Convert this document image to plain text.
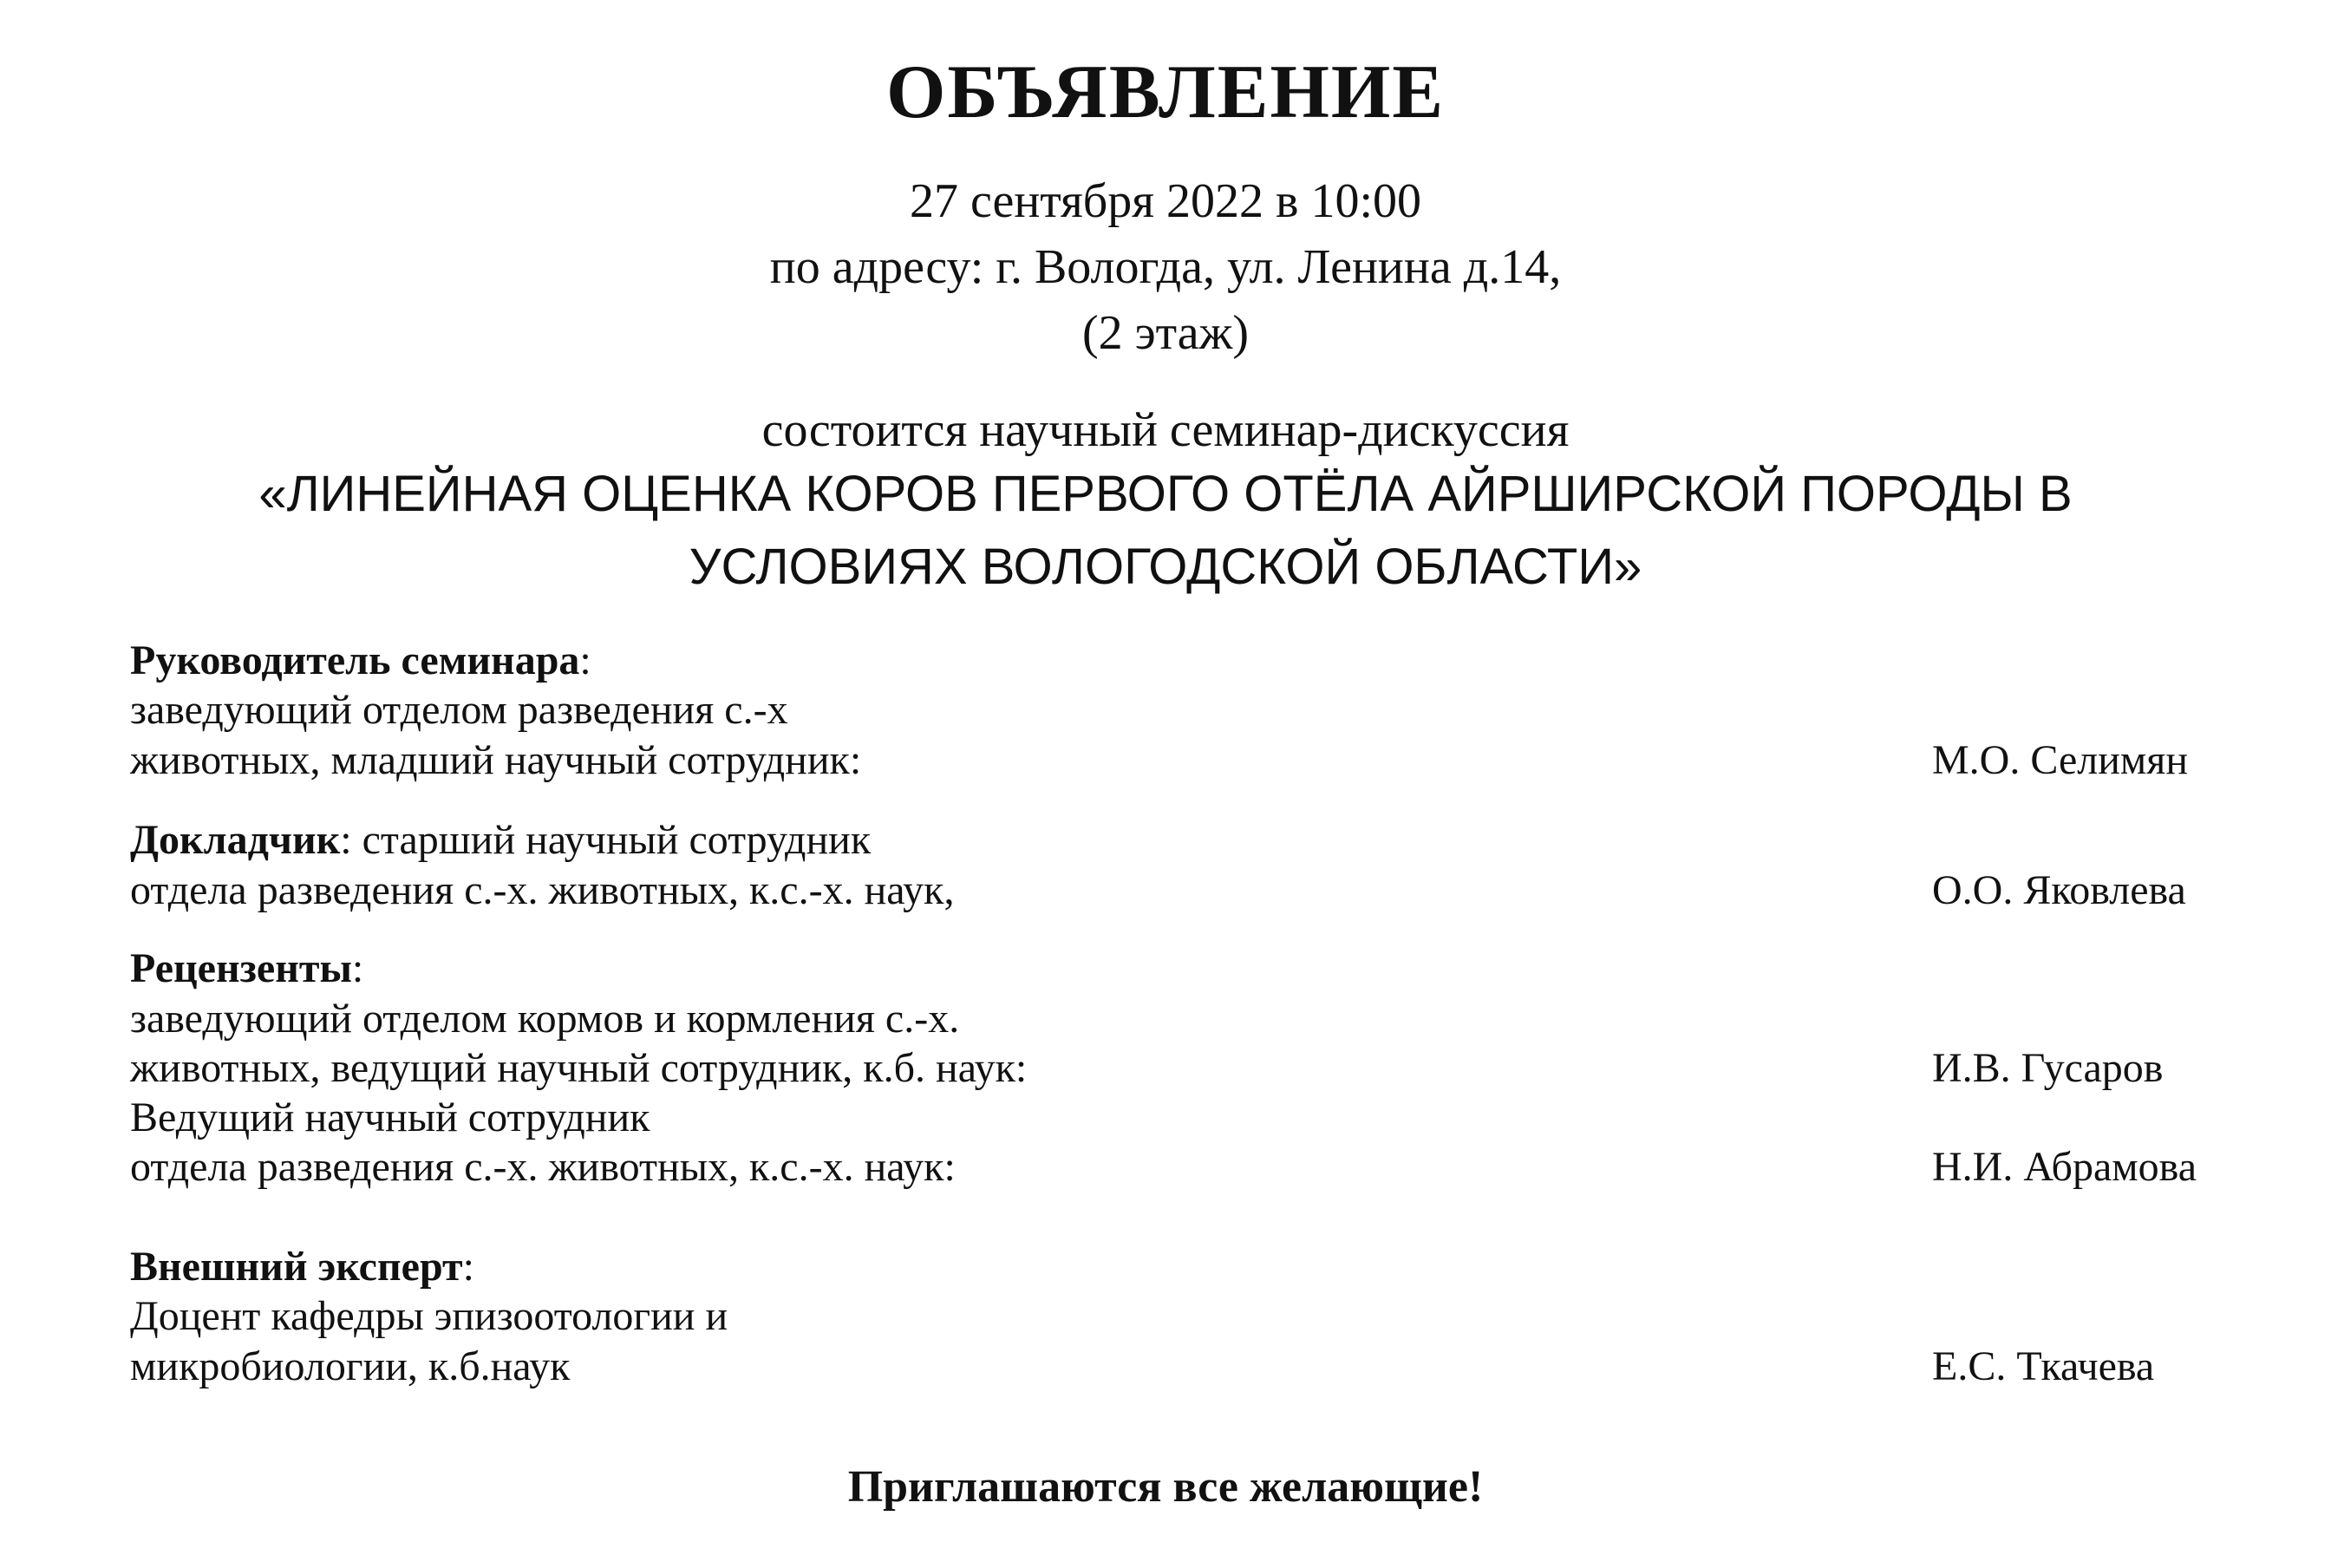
ОБЪЯВЛЕНИЕ
27 сентября 2022 в 10:00
по адресу: г. Вологда, ул. Ленина д.14,
(2 этаж)
состоится научный семинар-дискуссия
«ЛИНЕЙНАЯ ОЦЕНКА КОРОВ ПЕРВОГО ОТЁЛА АЙРШИРСКОЙ ПОРОДЫ В
УСЛОВИЯХ ВОЛОГОДСКОЙ ОБЛАСТИ»
Руководитель семинара:
заведующий отделом разведения с.-х
животных, младший научный сотрудник:	М.О. Селимян
Докладчик: старший научный сотрудник
отдела разведения с.-х. животных, к.с.-х. наук,	О.О. Яковлева
Рецензенты:
заведующий отделом кормов и кормления с.-х.
животных, ведущий научный сотрудник, к.б. наук:	И.В. Гусаров
Ведущий научный сотрудник
отдела разведения с.-х. животных, к.с.-х. наук:	Н.И. Абрамова
Внешний эксперт:
Доцент кафедры эпизоотологии и
микробиологии, к.б.наук	Е.С. Ткачева
Приглашаются все желающие!
